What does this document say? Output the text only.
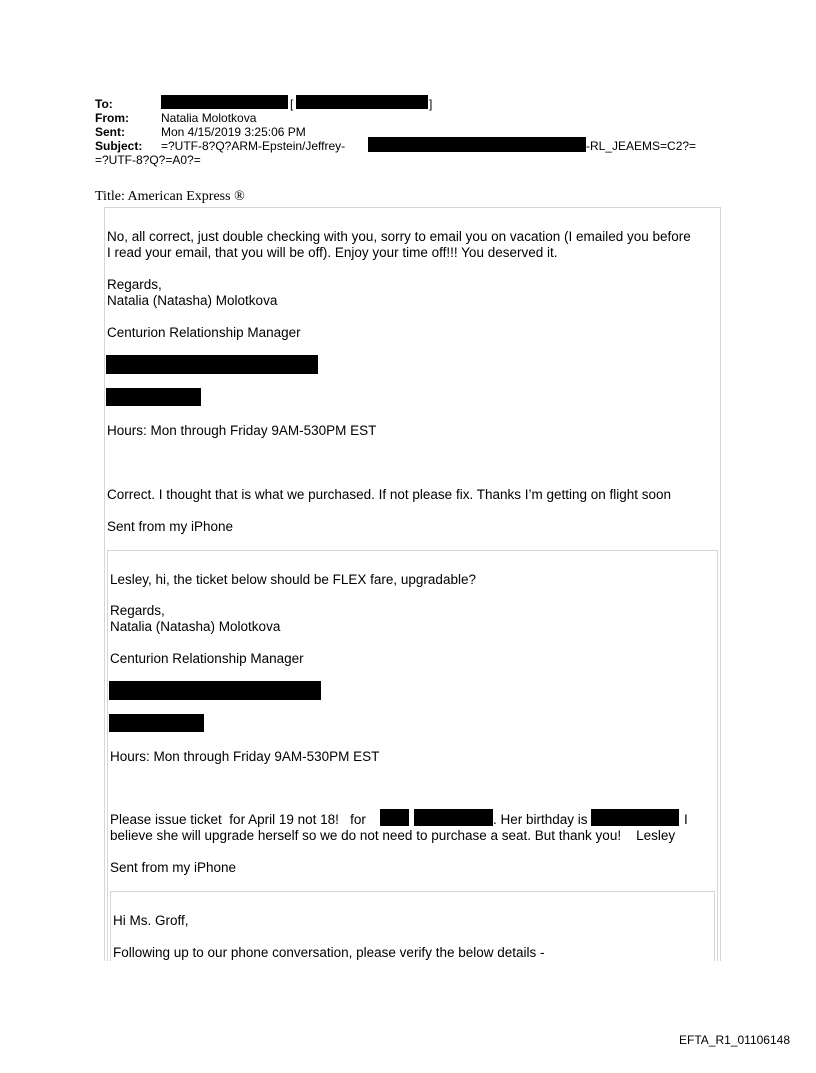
To:	[	]
From:	Natalia Molotkova
Sent:	Mon 4/15/2019 3:25:06 PM
Subject: =?UTF-8?Q?ARM-Epstein/Jeffrey-	-RL_JEAEMS=C2?=
=?UTF-8?Q?=A0?=
Title: American Express ®
No, all correct, just double checking with you, sorry to email you on vacation (I emailed you before
I read your email, that you will be off). Enjoy your time off!!! You deserved it.
Regards,
Natalia (Natasha) Molotkova
Centurion Relationship Manager
Hours: Mon through Friday 9AM-530PM EST
Correct. I thought that is what we purchased. If not please fix. Thanks I’m getting on flight soon
Sent from my iPhone
Lesley, hi, the ticket below should be FLEX fare, upgradable?
Regards,
Natalia (Natasha) Molotkova
Centurion Relationship Manager
Hours: Mon through Friday 9AM-530PM EST
Please issue ticket  for April 19 not 18!   for	. Her birthday is	I
believe she will upgrade herself so we do not need to purchase a seat. But thank you!    Lesley
Sent from my iPhone
Hi Ms. Groff,
Following up to our phone conversation, please verify the below details -
EFTA_R1_01106148
